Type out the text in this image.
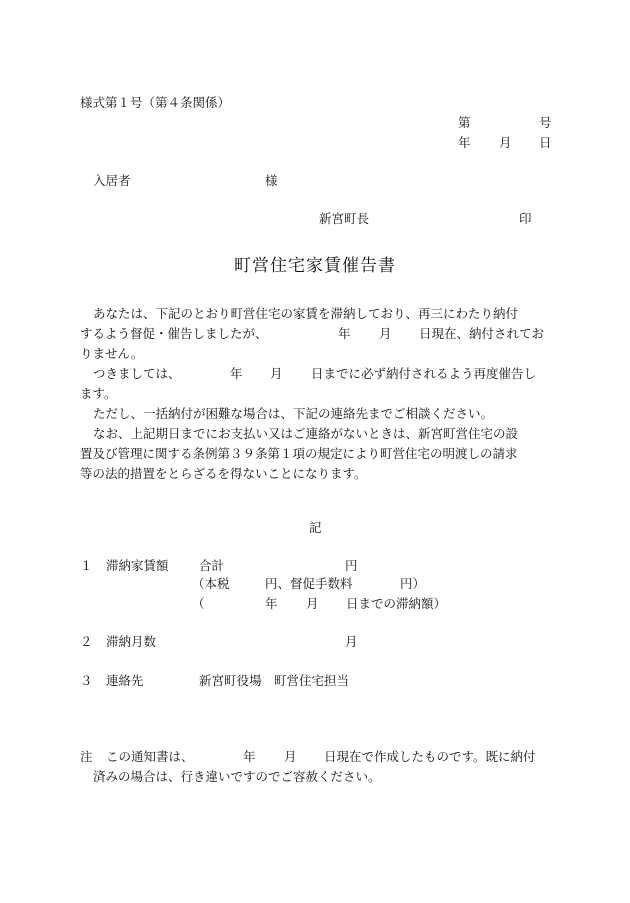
様式第１号（第４条関係）
第	号
年 月 日
入居者	様
新宮町長	印
町営住宅家賃催告書
あなたは、下記のとおり町営住宅の家賃を滞納しており、再三にわたり納付
するよう督促・催告しましたが、	年 月 日現在、納付されてお
りません。
つきましては、	年 月 日までに必ず納付されるよう再度催告し
ます。
ただし、一括納付が困難な場合は、下記の連絡先までご相談ください。
なお、上記期日までにお支払い又はご連絡がないときは、新宮町営住宅の設
置及び管理に関する条例第３９条第１項の規定により町営住宅の明渡しの請求
等の法的措置をとらざるを得ないことになります。
記
１ 滞納家賃額 合計	円
（本税	円、督促手数料	円）
（	年 月 日までの滞納額）
２ 滞納月数	月
３ 連絡先	新宮町役場　町営住宅担当
注 この通知書は、	年 月 日現在で作成したものです。既に納付
済みの場合は、行き違いですのでご容赦ください。
